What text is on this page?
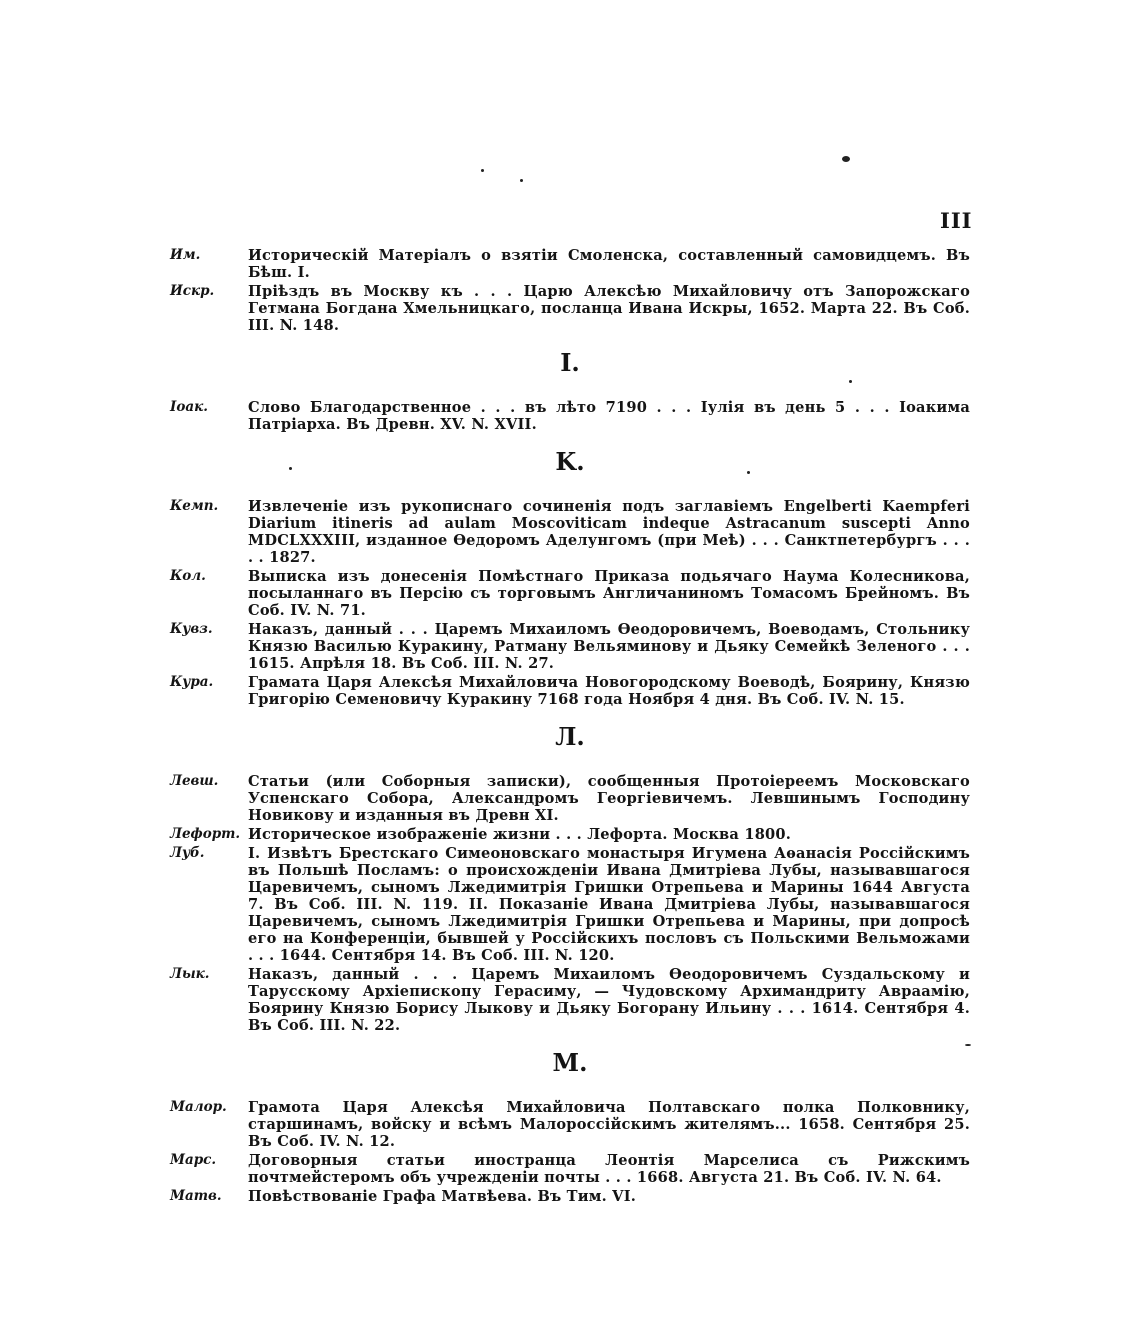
III
Им.	Историческій Матеріалъ о взятіи Смоленска, составленный самовидцемъ. Въ Бѣш. I.
Искр.	Пріѣздъ въ Москву къ . . . Царю Алексѣю Михайловичу отъ Запорожскаго Гетмана Богдана Хмельницкаго, посланца Ивана Искры, 1652. Марта 22. Въ Соб. III. N. 148.
I.
Іоак.	Слово Благодарственное . . . въ лѣто 7190 . . . Іулія въ день 5 . . . Іоакима Патріарха. Въ Древн. XV. N. XVII.
K.
Кемп.	Извлеченіе изъ рукописнаго сочиненія подъ заглавіемъ Engelberti Kaempferi Diarium itineris ad aulam Moscoviticam indeque Astracanum suscepti Anno MDCLXXXIII, изданное Ѳедоромъ Аделунгомъ (при Меѣ) . . . Санктпетербургъ . . . . . 1827.
Кол.	Выписка изъ донесенія Помѣстнаго Приказа подьячаго Наума Колесникова, посыланнаго въ Персію съ торговымъ Англичаниномъ Томасомъ Брейномъ. Въ Соб. IV. N. 71.
Кувз.	Наказъ, данный . . . Царемъ Михаиломъ Ѳеодоровичемъ, Воеводамъ, Стольнику Князю Василью Куракину, Ратману Вельяминову и Дьяку Семейкѣ Зеленого . . . 1615. Апрѣля 18. Въ Соб. III. N. 27.
Кура.	Грамата Царя Алексѣя Михайловича Новогородскому Воеводѣ, Боярину, Князю Григорію Семеновичу Куракину 7168 года Ноября 4 дня. Въ Соб. IV. N. 15.
Л.
Левш.	Статьи (или Соборныя записки), сообщенныя Протоіереемъ Московскаго Успенскаго Собора, Александромъ Георгіевичемъ. Левшинымъ Господину Новикову и изданныя въ Древн XI.
Лефорт. Историческое изображеніе жизни . . . Лефорта. Москва 1800.
Луб.	I. Извѣтъ Брестскаго Симеоновскаго монастыря Игумена Аѳанасія Россійскимъ въ Польшѣ Посламъ: о происхожденіи Ивана Дмитріева Лубы, называвшагося Царевичемъ, сыномъ Лжедимитрія Гришки Отрепьева и Марины 1644 Августа 7. Въ Соб. III. N. 119. II. Показаніе Ивана Дмитріева Лубы, называвшагося Царевичемъ, сыномъ Лжедимитрія Гришки Отрепьева и Марины, при допросѣ его на Конференціи, бывшей у Россійскихъ пословъ съ Польскими Вельможами . . . 1644. Сентября 14. Въ Соб. III. N. 120.
Лык.	Наказъ, данный . . . Царемъ Михаиломъ Ѳеодоровичемъ Суздальскому и Тарусскому Архіепископу Герасиму, — Чудовскому Архимандриту Авраамію, Боярину Князю Борису Лыкову и Дьяку Богорану Ильину . . . 1614. Сентября 4. Въ Соб. III. N. 22.
M.
Малор.	Грамота Царя Алексѣя Михайловича Полтавскаго полка Полковнику, старшинамъ, войску и всѣмъ Малороссійскимъ жителямъ... 1658. Сентября 25. Въ Соб. IV. N. 12.
Марс.	Договорныя статьи иностранца Леонтія Марселиса съ Рижскимъ почтмейстеромъ объ учрежденіи почты . . . 1668. Августа 21. Въ Соб. IV. N. 64.
Матв.	Повѣствованіе Графа Матвѣева. Въ Тим. VI.
